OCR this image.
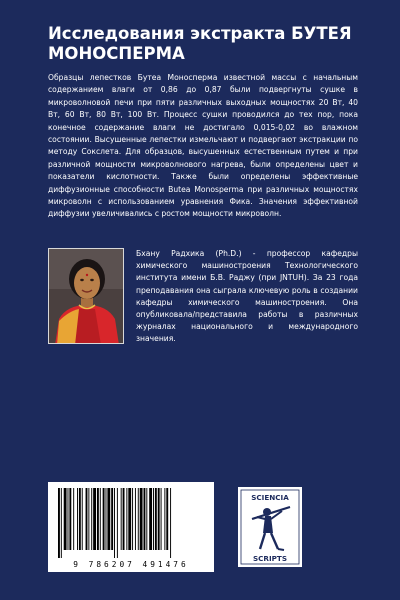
Исследования экстракта БУТЕЯ МОНОСПЕРМА

Образцы лепестков Бутеа Моносперма известной массы с начальным содержанием влаги от 0,86 до 0,87 были подвергнуты сушке в микроволновой печи при пяти различных выходных мощностях 20 Вт, 40 Вт, 60 Вт, 80 Вт, 100 Вт. Процесс сушки проводился до тех пор, пока конечное содержание влаги не достигало 0,015-0,02 во влажном состоянии. Высушенные лепестки измельчают и подвергают экстракции по методу Сокслета. Для образцов, высушенных естественным путем и при различной мощности микроволнового нагрева, были определены цвет и показатели кислотности. Также были определены эффективные диффузионные способности Butea Monosperma при различных мощностях микроволн с использованием уравнения Фика. Значения эффективной диффузии увеличивались с ростом мощности микроволн.

Бхану Радхика (Ph.D.) - профессор кафедры химического машиностроения Технологического института имени Б.В. Раджу (при JNTUH). За 23 года преподавания она сыграла ключевую роль в создании кафедры химического машиностроения. Она опубликовала/представила работы в различных журналах национального и международного значения.

9 786207 491476
SCIENCIA
SCRIPTS
